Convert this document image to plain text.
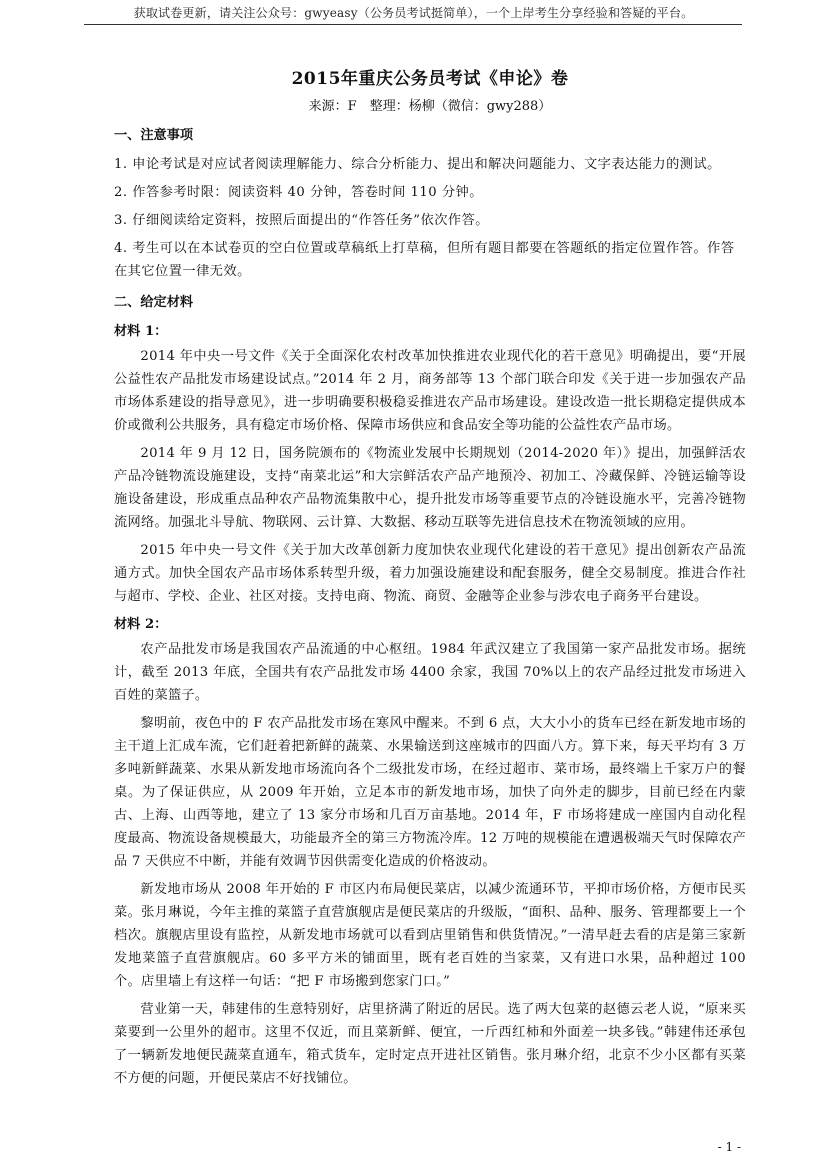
获取试卷更新，请关注公众号：gwyeasy（公务员考试挺简单），一个上岸考生分享经验和答疑的平台。
2015年重庆公务员考试《申论》卷
来源：F　整理：杨柳（微信：gwy288）
一、注意事项

1. 申论考试是对应试者阅读理解能力、综合分析能力、提出和解决问题能力、文字表达能力的测试。

2. 作答参考时限：阅读资料 40 分钟，答卷时间 110 分钟。

3. 仔细阅读给定资料，按照后面提出的“作答任务”依次作答。

4. 考生可以在本试卷页的空白位置或草稿纸上打草稿，但所有题目都要在答题纸的指定位置作答。作答在其它位置一律无效。

二、给定材料
材料 1：

2014 年中央一号文件《关于全面深化农村改革加快推进农业现代化的若干意见》明确提出，要“开展公益性农产品批发市场建设试点。”2014 年 2 月，商务部等 13 个部门联合印发《关于进一步加强农产品市场体系建设的指导意见》，进一步明确要积极稳妥推进农产品市场建设。建设改造一批长期稳定提供成本价或微利公共服务，具有稳定市场价格、保障市场供应和食品安全等功能的公益性农产品市场。

2014 年 9 月 12 日，国务院颁布的《物流业发展中长期规划（2014-2020 年）》提出，加强鲜活农产品冷链物流设施建设，支持“南菜北运”和大宗鲜活农产品产地预冷、初加工、冷藏保鲜、冷链运输等设施设备建设，形成重点品种农产品物流集散中心，提升批发市场等重要节点的冷链设施水平，完善冷链物流网络。加强北斗导航、物联网、云计算、大数据、移动互联等先进信息技术在物流领域的应用。

2015 年中央一号文件《关于加大改革创新力度加快农业现代化建设的若干意见》提出创新农产品流通方式。加快全国农产品市场体系转型升级，着力加强设施建设和配套服务，健全交易制度。推进合作社与超市、学校、企业、社区对接。支持电商、物流、商贸、金融等企业参与涉农电子商务平台建设。

材料 2：

农产品批发市场是我国农产品流通的中心枢纽。1984 年武汉建立了我国第一家产品批发市场。据统计，截至 2013 年底，全国共有农产品批发市场 4400 余家，我国 70%以上的农产品经过批发市场进入百姓的菜篮子。

黎明前，夜色中的 F 农产品批发市场在寒风中醒来。不到 6 点，大大小小的货车已经在新发地市场的主干道上汇成车流，它们赶着把新鲜的蔬菜、水果输送到这座城市的四面八方。算下来，每天平均有 3 万多吨新鲜蔬菜、水果从新发地市场流向各个二级批发市场，在经过超市、菜市场，最终端上千家万户的餐桌。为了保证供应，从 2009 年开始，立足本市的新发地市场，加快了向外走的脚步，目前已经在内蒙古、上海、山西等地，建立了 13 家分市场和几百万亩基地。2014 年，F 市场将建成一座国内自动化程度最高、物流设备规模最大，功能最齐全的第三方物流冷库。12 万吨的规模能在遭遇极端天气时保障农产品 7 天供应不中断，并能有效调节因供需变化造成的价格波动。

新发地市场从 2008 年开始的 F 市区内布局便民菜店，以减少流通环节，平抑市场价格，方便市民买菜。张月琳说，今年主推的菜篮子直营旗舰店是便民菜店的升级版，“面积、品种、服务、管理都要上一个档次。旗舰店里设有监控，从新发地市场就可以看到店里销售和供货情况。”一清早赶去看的店是第三家新发地菜篮子直营旗舰店。60 多平方米的铺面里，既有老百姓的当家菜，又有进口水果，品种超过 100 个。店里墙上有这样一句话：“把 F 市场搬到您家门口。”

营业第一天，韩建伟的生意特别好，店里挤满了附近的居民。选了两大包菜的赵德云老人说，“原来买菜要到一公里外的超市。这里不仅近，而且菜新鲜、便宜，一斤西红柿和外面差一块多钱。”韩建伟还承包了一辆新发地便民蔬菜直通车，箱式货车，定时定点开进社区销售。张月琳介绍，北京不少小区都有买菜不方便的问题，开便民菜店不好找铺位。

- 1 -
